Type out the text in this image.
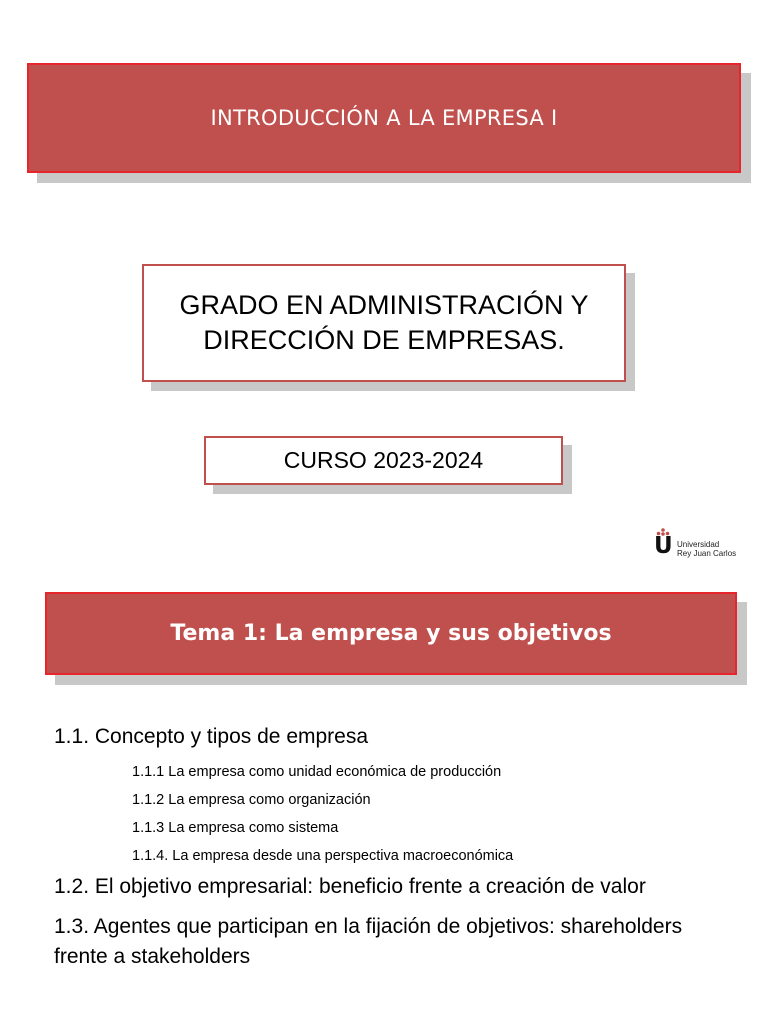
INTRODUCCIÓN A LA EMPRESA I
GRADO EN ADMINISTRACIÓN Y
DIRECCIÓN DE EMPRESAS.
CURSO 2023-2024
U Universidad
Rey Juan Carlos
Tema 1: La empresa y sus objetivos

1.1. Concepto y tipos de empresa

1.1.1 La empresa como unidad económica de producción

1.1.2 La empresa como organización

1.1.3 La empresa como sistema

1.1.4. La empresa desde una perspectiva macroeconómica

1.2. El objetivo empresarial: beneficio frente a creación de valor

1.3. Agentes que participan en la fijación de objetivos: shareholders frente a stakeholders
